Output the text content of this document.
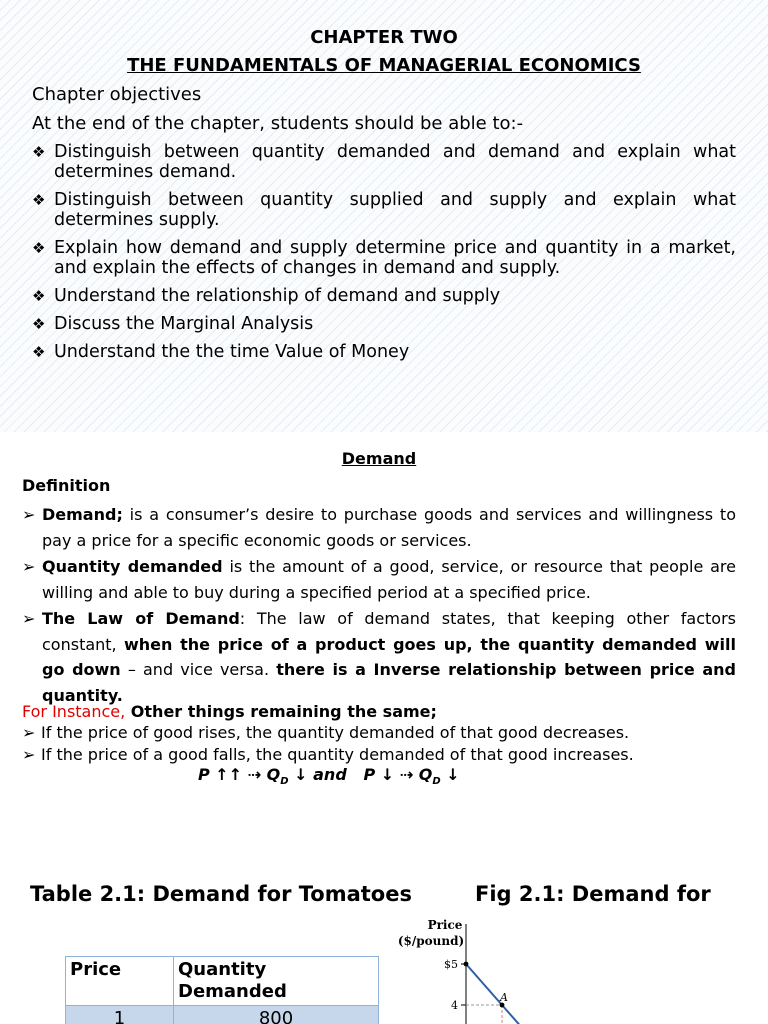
CHAPTER TWO
THE FUNDAMENTALS OF MANAGERIAL ECONOMICS
Chapter objectives
At the end of the chapter, students should be able to:-
❖ Distinguish between quantity demanded and demand and explain what determines demand.
❖ Distinguish between quantity supplied and supply and explain what determines supply.
❖ Explain how demand and supply determine price and quantity in a market, and explain the effects of changes in demand and supply.
❖ Understand the relationship of demand and supply
❖ Discuss the Marginal Analysis
❖ Understand the the time Value of Money
Demand
Definition
➢ Demand; is a consumer’s desire to purchase goods and services and willingness to pay a price for a specific economic goods or services.
➢ Quantity demanded is the amount of a good, service, or resource that people are willing and able to buy during a specified period at a specified price.
➢ The Law of Demand: The law of demand states, that keeping other factors constant, when the price of a product goes up, the quantity demanded will go down – and vice versa. there is a Inverse relationship between price and quantity.
For Instance, Other things remaining the same;
➢ If the price of good rises, the quantity demanded of that good decreases.
➢ If the price of a good falls, the quantity demanded of that good increases.
P ↑↑ ⇢ $Q_D$ ↓ and   P ↓ ⇢ $Q_D$ ↓
Table 2.1: Demand for Tomatoes	Fig 2.1: Demand for
Price	Quantity Demanded
1	800
Price
($/pound)
$5
4
A
